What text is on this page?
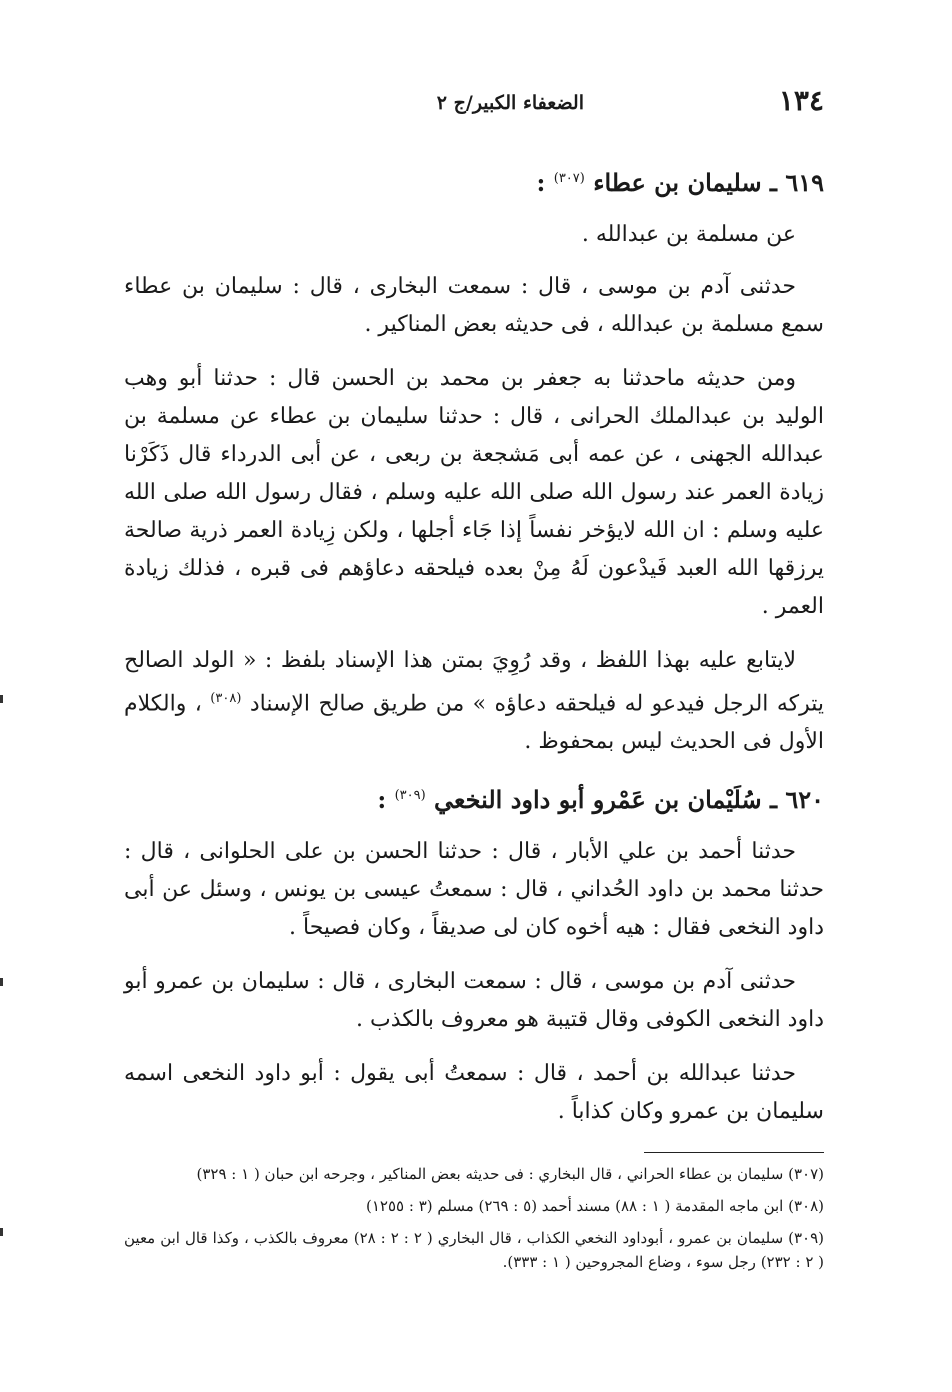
١٣٤
الضعفاء الكبير/ج ٢
٦١٩ ـ سليمان بن عطاء $^{(٣٠٧)}$ :
عن مسلمة بن عبدالله .

حدثنى آدم بن موسى ، قال : سمعت البخارى ، قال : سليمان بن عطاء سمع مسلمة بن عبدالله ، فى حديثه بعض المناكير .

ومن حديثه ماحدثنا به جعفر بن محمد بن الحسن قال : حدثنا أبو وهب الوليد بن عبدالملك الحرانى ، قال : حدثنا سليمان بن عطاء عن مسلمة بن عبدالله الجهنى ، عن عمه أبى مَشجعة بن ربعى ، عن أبى الدرداء قال ذَكَرْنا زيادة العمر عند رسول الله صلى الله عليه وسلم ، فقال رسول الله صلى الله عليه وسلم : ان الله لايؤخر نفساً إذا جَاء أجلها ، ولكن زِيادة العمر ذرية صالحة يرزقها الله العبد فَيدْعون لَهُ مِنْ بعده فيلحقه دعاؤهم فى قبره ، فذلك زيادة العمر .

لايتابع عليه بهذا اللفظ ، وقد رُوِيَ بمتن هذا الإسناد بلفظ : « الولد الصالح يتركه الرجل فيدعو له فيلحقه دعاؤه » من طريق صالح الإسناد $^{(٣٠٨)}$ ، والكلام الأول فى الحديث ليس بمحفوظ .

٦٢٠ ـ سُلَيْمان بن عَمْرو أبو داود النخعي $^{(٣٠٩)}$ :

حدثنا أحمد بن علي الأبار ، قال : حدثنا الحسن بن على الحلوانى ، قال : حدثنا محمد بن داود الحُداني ، قال : سمعتُ عيسى بن يونس ، وسئل عن أبى داود النخعى فقال : هيه أخوه كان لى صديقاً ، وكان فصيحاً .

حدثنى آدم بن موسى ، قال : سمعت البخارى ، قال : سليمان بن عمرو أبو داود النخعى الكوفى وقال قتيبة هو معروف بالكذب .

حدثنا عبدالله بن أحمد ، قال : سمعتُ أبى يقول : أبو داود النخعى اسمه سليمان بن عمرو وكان كذاباً .

(٣٠٧) سليمان بن عطاء الحراني ، قال البخاري : فى حديثه بعض المناكير ، وجرحه ابن حبان ( ١ : ٣٢٩)

(٣٠٨) ابن ماجه المقدمة ( ١ : ٨٨) مسند أحمد (٥ : ٢٦٩) مسلم (٣ : ١٢٥٥)

(٣٠٩) سليمان بن عمرو ، أبوداود النخعي الكذاب ، قال البخاري ( ٢ : ٢ : ٢٨) معروف بالكذب ، وكذا قال ابن معين ( ٢ : ٢٣٢) رجل سوء ، وضاع المجروحين ( ١ : ٣٣٣).
